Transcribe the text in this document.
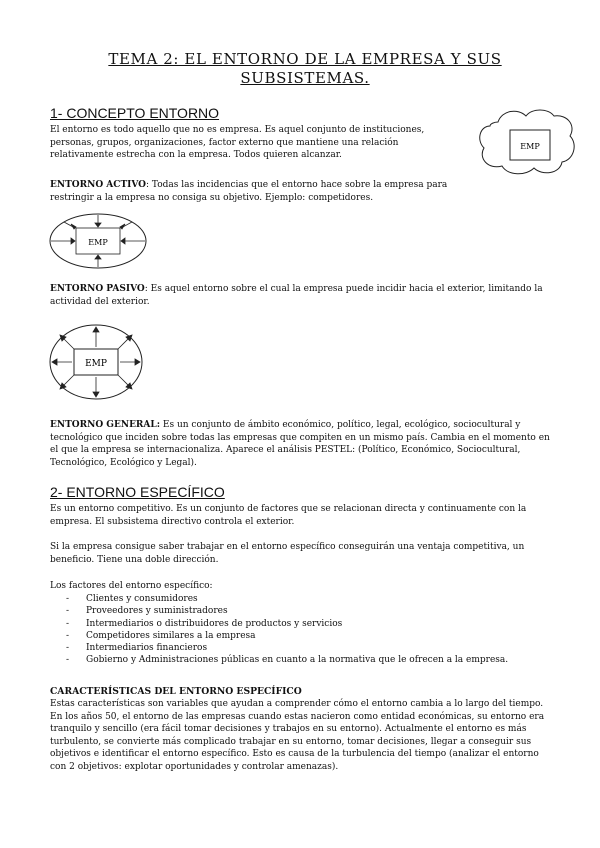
TEMA 2: EL ENTORNO DE LA EMPRESA Y SUS SUBSISTEMAS.
1- CONCEPTO ENTORNO

El entorno es todo aquello que no es empresa. Es aquel conjunto de instituciones, personas, grupos, organizaciones, factor externo que mantiene una relación relativamente estrecha con la empresa. Todos quieren alcanzar.

EMP

ENTORNO ACTIVO: Todas las incidencias que el entorno hace sobre la empresa para restringir a la empresa no consiga su objetivo. Ejemplo: competidores.

EMP

ENTORNO PASIVO: Es aquel entorno sobre el cual la empresa puede incidir hacia el exterior, limitando la actividad del exterior.

EMP

ENTORNO GENERAL: Es un conjunto de ámbito económico, político, legal, ecológico, sociocultural y tecnológico que inciden sobre todas las empresas que compiten en un mismo país. Cambia en el momento en el que la empresa se internacionaliza. Aparece el análisis PESTEL: (Político, Económico, Sociocultural, Tecnológico, Ecológico y Legal).

2- ENTORNO ESPECÍFICO

Es un entorno competitivo. Es un conjunto de factores que se relacionan directa y continuamente con la empresa. El subsistema directivo controla el exterior.

Si la empresa consigue saber trabajar en el entorno específico conseguirán una ventaja competitiva, un beneficio. Tiene una doble dirección.

Los factores del entorno específico:

- Clientes y consumidores
- Proveedores y suministradores
- Intermediarios o distribuidores de productos y servicios
- Competidores similares a la empresa
- Intermediarios financieros
- Gobierno y Administraciones públicas en cuanto a la normativa que le ofrecen a la empresa.

CARACTERÍSTICAS DEL ENTORNO ESPECÍFICO

Estas características son variables que ayudan a comprender cómo el entorno cambia a lo largo del tiempo. En los años 50, el entorno de las empresas cuando estas nacieron como entidad económicas, su entorno era tranquilo y sencillo (era fácil tomar decisiones y trabajos en su entorno). Actualmente el entorno es más turbulento, se convierte más complicado trabajar en su entorno, tomar decisiones, llegar a conseguir sus objetivos e identificar el entorno específico. Esto es causa de la turbulencia del tiempo (analizar el entorno con 2 objetivos: explotar oportunidades y controlar amenazas).
